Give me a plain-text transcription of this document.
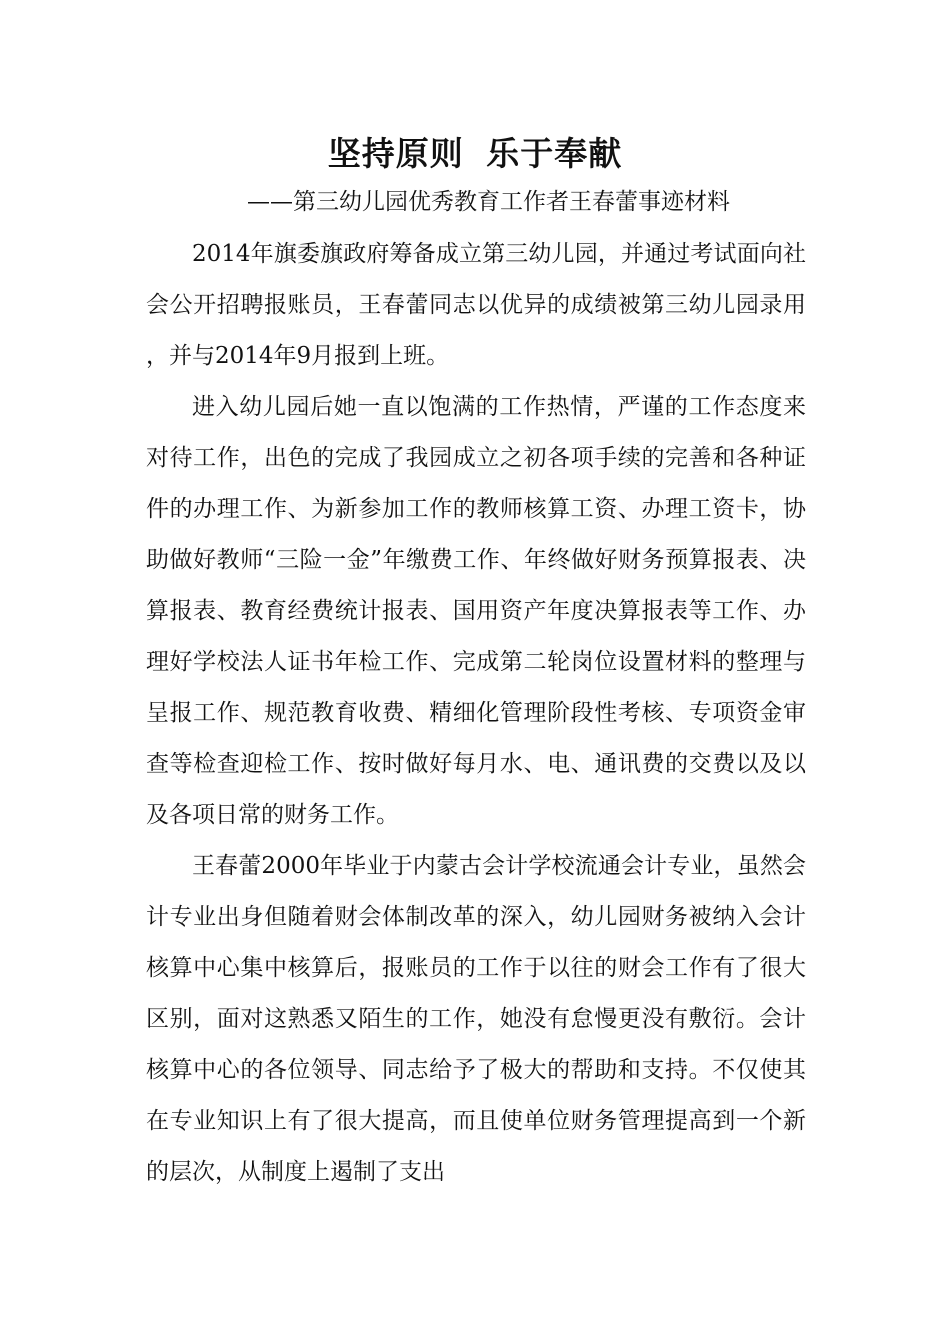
坚持原则 乐于奉献
——第三幼儿园优秀教育工作者王春蕾事迹材料

2014年旗委旗政府筹备成立第三幼儿园，并通过考试面向社会公开招聘报账员，王春蕾同志以优异的成绩被第三幼儿园录用，并与2014年9月报到上班。

进入幼儿园后她一直以饱满的工作热情，严谨的工作态度来对待工作，出色的完成了我园成立之初各项手续的完善和各种证件的办理工作、为新参加工作的教师核算工资、办理工资卡，协助做好教师“三险一金”年缴费工作、年终做好财务预算报表、决算报表、教育经费统计报表、国用资产年度决算报表等工作、办理好学校法人证书年检工作、完成第二轮岗位设置材料的整理与呈报工作、规范教育收费、精细化管理阶段性考核、专项资金审查等检查迎检工作、按时做好每月水、电、通讯费的交费以及以及各项日常的财务工作。

王春蕾2000年毕业于内蒙古会计学校流通会计专业，虽然会计专业出身但随着财会体制改革的深入，幼儿园财务被纳入会计核算中心集中核算后，报账员的工作于以往的财会工作有了很大区别，面对这熟悉又陌生的工作，她没有怠慢更没有敷衍。会计核算中心的各位领导、同志给予了极大的帮助和支持。不仅使其在专业知识上有了很大提高，而且使单位财务管理提高到一个新的层次，从制度上遏制了支出
